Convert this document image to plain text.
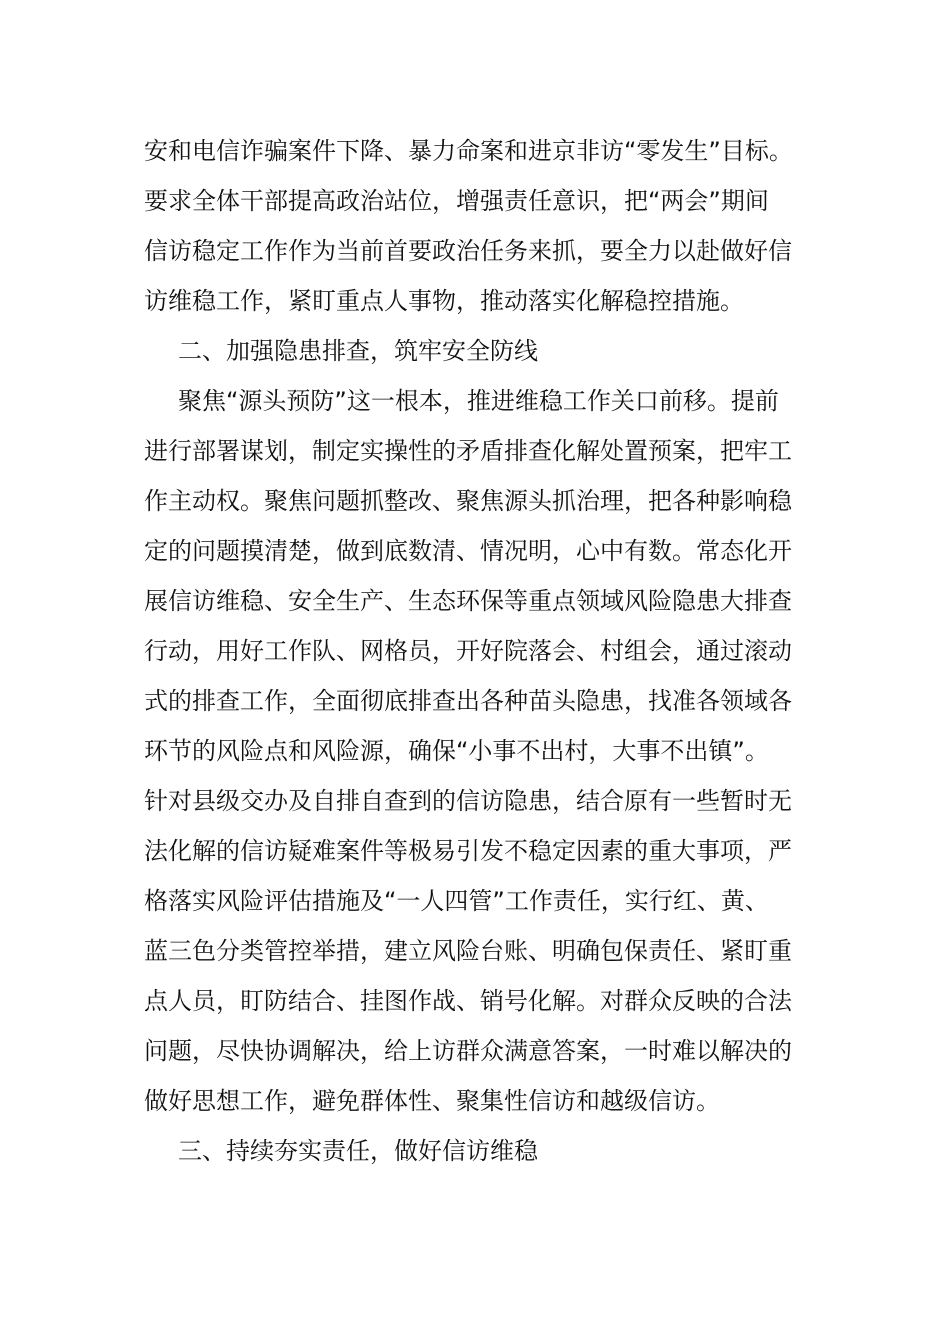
安和电信诈骗案件下降、暴力命案和进京非访“零发生”目标。
要求全体干部提高政治站位，增强责任意识，把“两会”期间
信访稳定工作作为当前首要政治任务来抓，要全力以赴做好信
访维稳工作，紧盯重点人事物，推动落实化解稳控措施。
二、加强隐患排查，筑牢安全防线
聚焦“源头预防”这一根本，推进维稳工作关口前移。提前
进行部署谋划，制定实操性的矛盾排查化解处置预案，把牢工
作主动权。聚焦问题抓整改、聚焦源头抓治理，把各种影响稳
定的问题摸清楚，做到底数清、情况明，心中有数。常态化开
展信访维稳、安全生产、生态环保等重点领域风险隐患大排查
行动，用好工作队、网格员，开好院落会、村组会，通过滚动
式的排查工作，全面彻底排查出各种苗头隐患，找准各领域各
环节的风险点和风险源，确保“小事不出村，大事不出镇”。
针对县级交办及自排自查到的信访隐患，结合原有一些暂时无
法化解的信访疑难案件等极易引发不稳定因素的重大事项，严
格落实风险评估措施及“一人四管”工作责任，实行红、黄、
蓝三色分类管控举措，建立风险台账、明确包保责任、紧盯重
点人员，盯防结合、挂图作战、销号化解。对群众反映的合法
问题，尽快协调解决，给上访群众满意答案，一时难以解决的
做好思想工作，避免群体性、聚集性信访和越级信访。
三、持续夯实责任，做好信访维稳
